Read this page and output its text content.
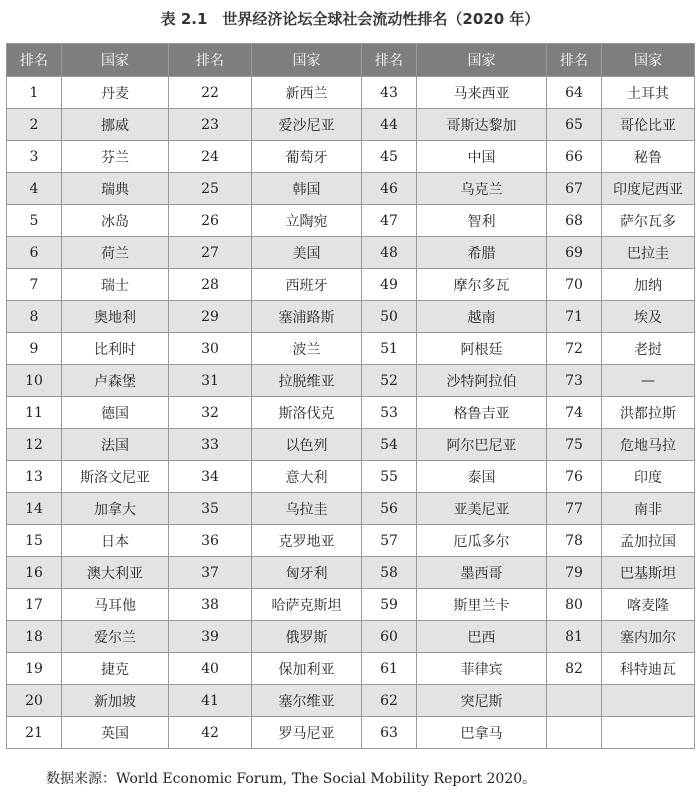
表 2.1　世界经济论坛全球社会流动性排名（2020 年）
排名	国家	排名	国家	排名	国家	排名	国家
1	丹麦	22	新西兰	43	马来西亚	64	土耳其
2	挪威	23	爱沙尼亚	44	哥斯达黎加	65	哥伦比亚
3	芬兰	24	葡萄牙	45	中国	66	秘鲁
4	瑞典	25	韩国	46	乌克兰	67	印度尼西亚
5	冰岛	26	立陶宛	47	智利	68	萨尔瓦多
6	荷兰	27	美国	48	希腊	69	巴拉圭
7	瑞士	28	西班牙	49	摩尔多瓦	70	加纳
8	奥地利	29	塞浦路斯	50	越南	71	埃及
9	比利时	30	波兰	51	阿根廷	72	老挝
10	卢森堡	31	拉脱维亚	52	沙特阿拉伯	73	—
11	德国	32	斯洛伐克	53	格鲁吉亚	74	洪都拉斯
12	法国	33	以色列	54	阿尔巴尼亚	75	危地马拉
13	斯洛文尼亚	34	意大利	55	泰国	76	印度
14	加拿大	35	乌拉圭	56	亚美尼亚	77	南非
15	日本	36	克罗地亚	57	厄瓜多尔	78	孟加拉国
16	澳大利亚	37	匈牙利	58	墨西哥	79	巴基斯坦
17	马耳他	38	哈萨克斯坦	59	斯里兰卡	80	喀麦隆
18	爱尔兰	39	俄罗斯	60	巴西	81	塞内加尔
19	捷克	40	保加利亚	61	菲律宾	82	科特迪瓦
20	新加坡	41	塞尔维亚	62	突尼斯		
21	英国	42	罗马尼亚	63	巴拿马		
数据来源：World Economic Forum, The Social Mobility Report 2020。
